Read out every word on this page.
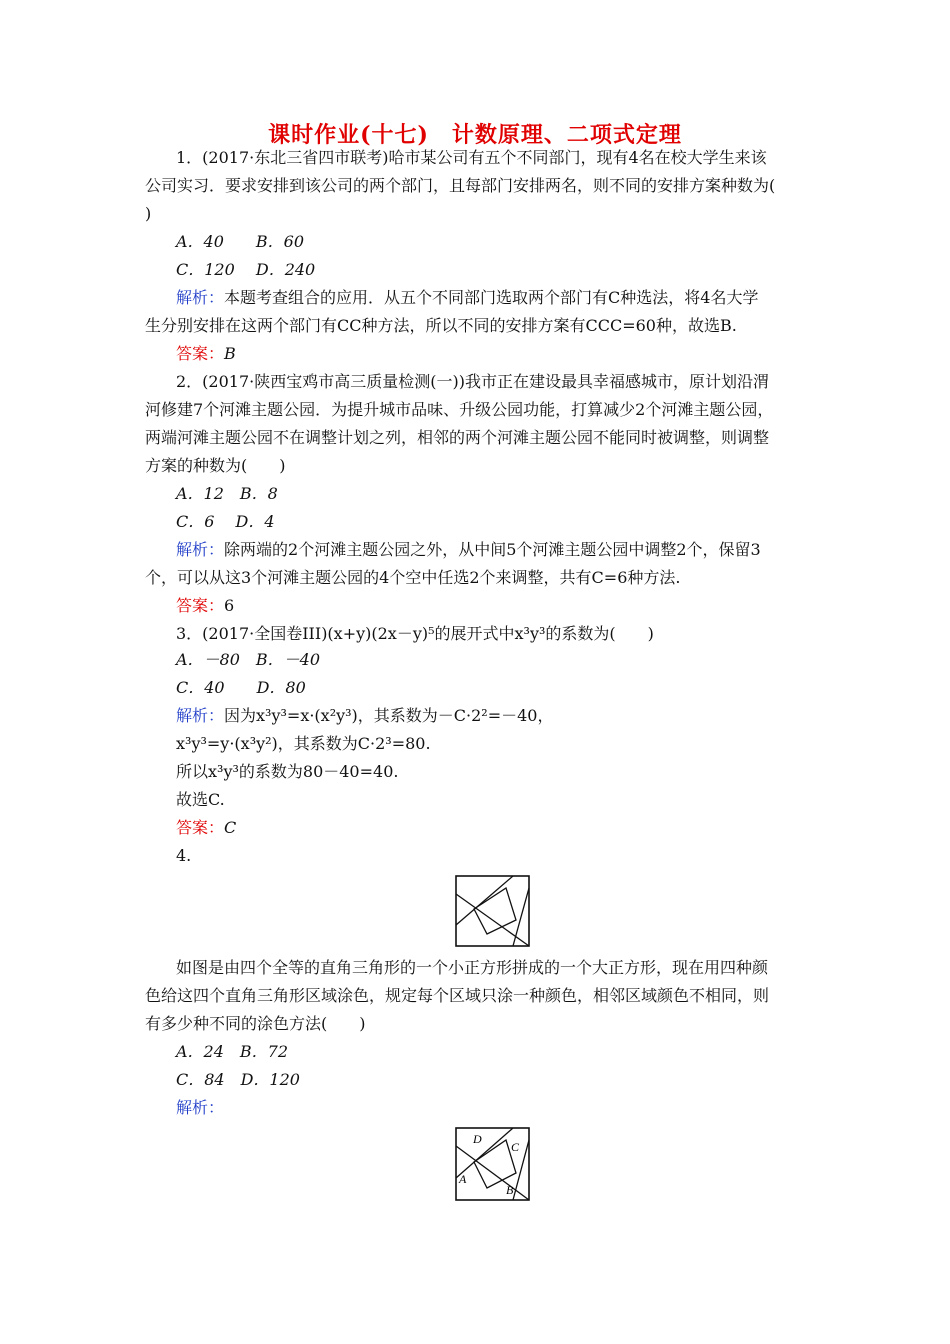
课时作业(十七)　计数原理、二项式定理
1．(2017·东北三省四市联考)哈市某公司有五个不同部门，现有4名在校大学生来该
公司实习．要求安排到该公司的两个部门，且每部门安排两名，则不同的安排方案种数为(
)
A．40　　B．60
C．120　 D．240
解析：本题考查组合的应用．从五个不同部门选取两个部门有C种选法，将4名大学
生分别安排在这两个部门有CC种方法，所以不同的安排方案有CCC=60种，故选B.
答案：B
2．(2017·陕西宝鸡市高三质量检测(一))我市正在建设最具幸福感城市，原计划沿渭
河修建7个河滩主题公园．为提升城市品味、升级公园功能，打算减少2个河滩主题公园，
两端河滩主题公园不在调整计划之列，相邻的两个河滩主题公园不能同时被调整，则调整
方案的种数为(　　)
A．12　B．8
C．6　 D．4
解析：除两端的2个河滩主题公园之外，从中间5个河滩主题公园中调整2个，保留3
个，可以从这3个河滩主题公园的4个空中任选2个来调整，共有C=6种方法.
答案：6
3．(2017·全国卷III)(x+y)(2x－y)⁵的展开式中x³y³的系数为(　　)
A．－80　B．－40
C．40　　D．80
解析：因为x³y³=x·(x²y³)，其系数为－C·2²=－40，
x³y³=y·(x³y²)，其系数为C·2³=80.
所以x³y³的系数为80－40=40.
故选C.
答案：C
4.
如图是由四个全等的直角三角形的一个小正方形拼成的一个大正方形，现在用四种颜
色给这四个直角三角形区域涂色，规定每个区域只涂一种颜色，相邻区域颜色不相同，则
有多少种不同的涂色方法(　　)
A．24　B．72
C．84　D．120
解析：
D
C
A
B
